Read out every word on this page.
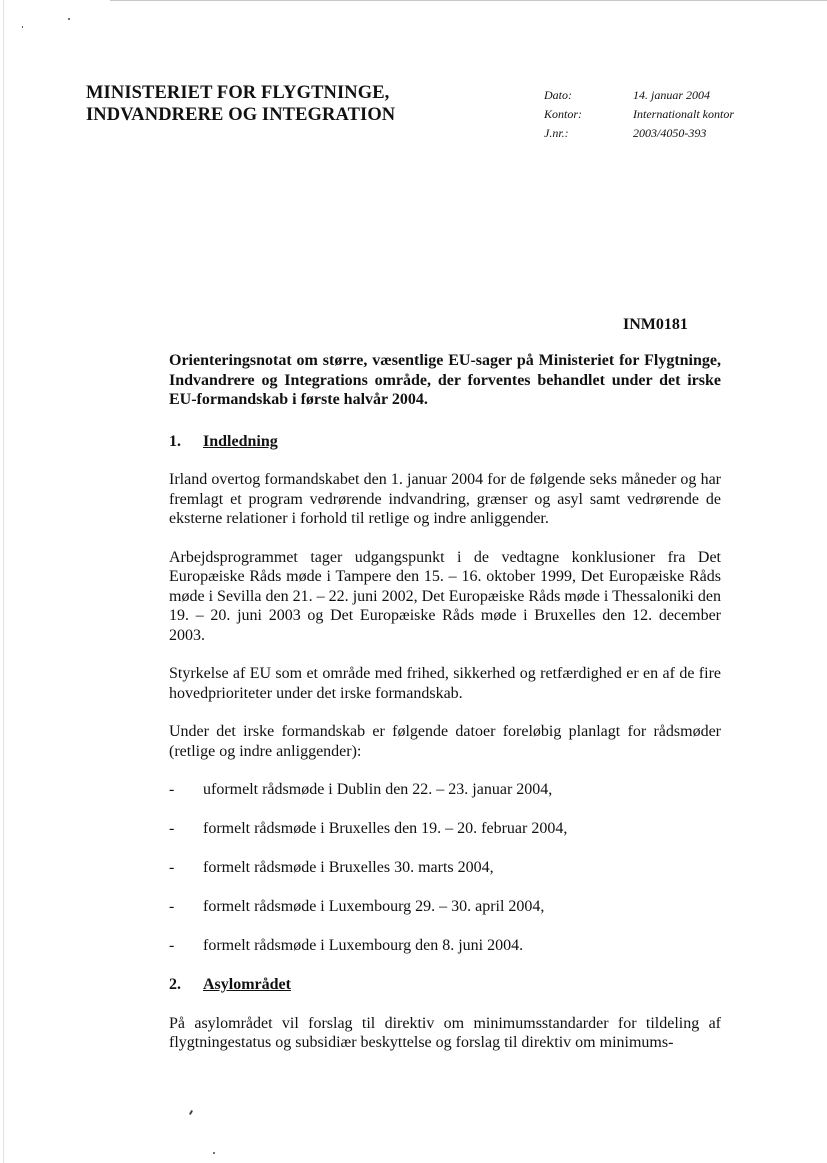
MINISTERIET FOR FLYGTNINGE,
INDVANDRERE OG INTEGRATION
Dato:	14. januar 2004
Kontor:	Internationalt kontor
J.nr.:	2003/4050-393
INM0181
Orienteringsnotat om større, væsentlige EU-sager på Ministeriet for Flygtninge, Indvandrere og Integrations område, der forventes behandlet under det irske EU-formandskab i første halvår 2004.
1.	Indledning
Irland overtog formandskabet den 1. januar 2004 for de følgende seks måneder og har fremlagt et program vedrørende indvandring, grænser og asyl samt vedrørende de eksterne relationer i forhold til retlige og indre anliggender.
Arbejdsprogrammet tager udgangspunkt i de vedtagne konklusioner fra Det Europæiske Råds møde i Tampere den 15. – 16. oktober 1999, Det Europæiske Råds møde i Sevilla den 21. – 22. juni 2002, Det Europæiske Råds møde i Thessaloniki den 19. – 20. juni 2003 og Det Europæiske Råds møde i Bruxelles den 12. december 2003.
Styrkelse af EU som et område med frihed, sikkerhed og retfærdighed er en af de fire hovedprioriteter under det irske formandskab.
Under det irske formandskab er følgende datoer foreløbig planlagt for rådsmøder (retlige og indre anliggender):
-	uformelt rådsmøde i Dublin den 22. – 23. januar 2004,
-	formelt rådsmøde i Bruxelles den 19. – 20. februar 2004,
-	formelt rådsmøde i Bruxelles 30. marts 2004,
-	formelt rådsmøde i Luxembourg 29. – 30. april 2004,
-	formelt rådsmøde i Luxembourg den 8. juni 2004.
2.	Asylområdet
På asylområdet vil forslag til direktiv om minimumsstandarder for tildeling af flygtningestatus og subsidiær beskyttelse og forslag til direktiv om minimums-
